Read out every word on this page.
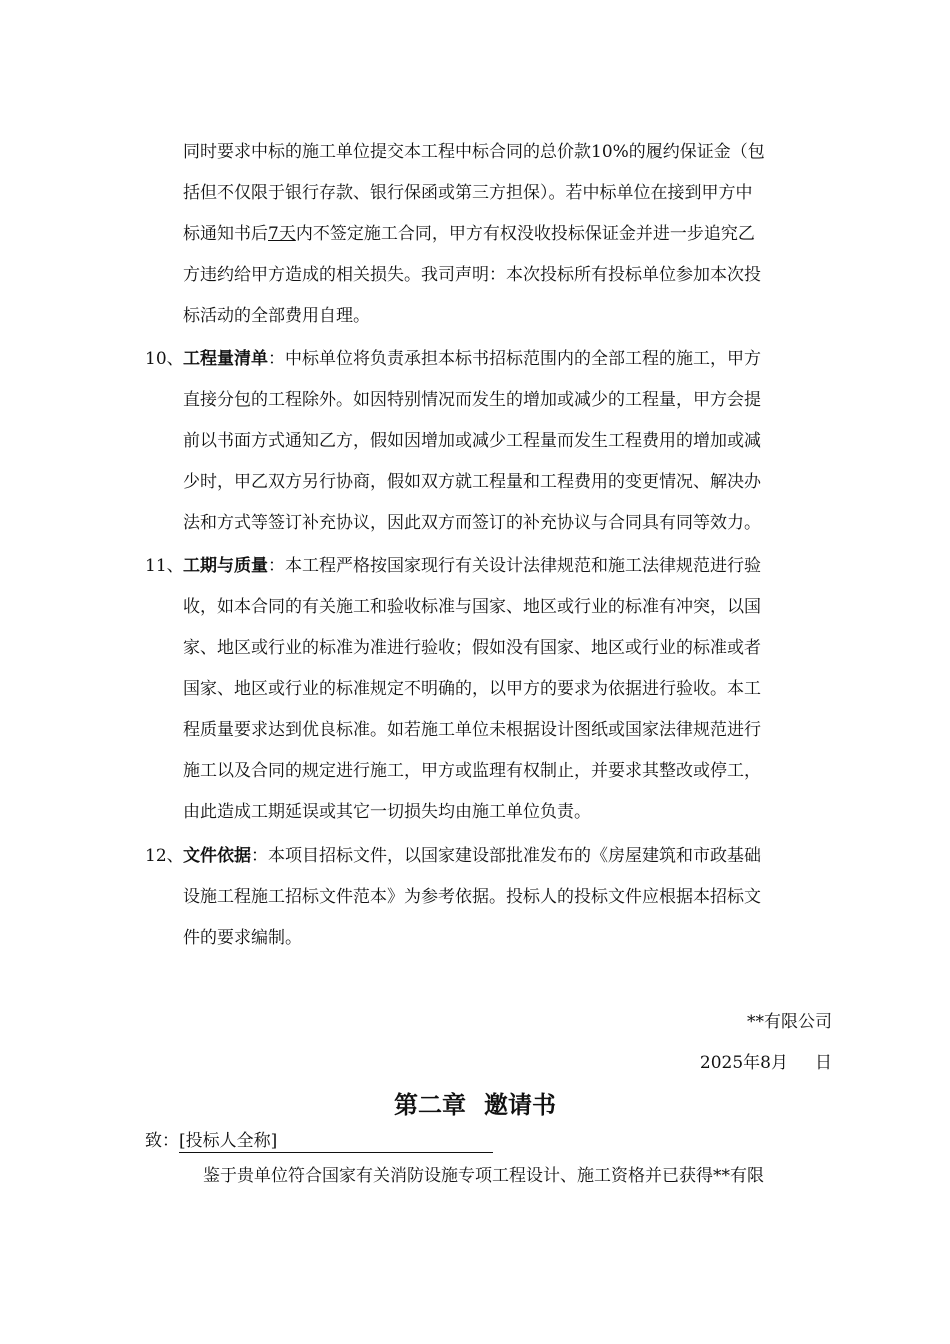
同时要求中标的施工单位提交本工程中标合同的总价款10%的履约保证金（包
括但不仅限于银行存款、银行保函或第三方担保）。若中标单位在接到甲方中
标通知书后7天内不签定施工合同，甲方有权没收投标保证金并进一步追究乙
方违约给甲方造成的相关损失。我司声明：本次投标所有投标单位参加本次投
标活动的全部费用自理。
10、 工程量清单：中标单位将负责承担本标书招标范围内的全部工程的施工，甲方
直接分包的工程除外。如因特别情况而发生的增加或减少的工程量，甲方会提
前以书面方式通知乙方，假如因增加或减少工程量而发生工程费用的增加或减
少时，甲乙双方另行协商，假如双方就工程量和工程费用的变更情况、解决办
法和方式等签订补充协议，因此双方而签订的补充协议与合同具有同等效力。
11、 工期与质量：本工程严格按国家现行有关设计法律规范和施工法律规范进行验
收，如本合同的有关施工和验收标准与国家、地区或行业的标准有冲突，以国
家、地区或行业的标准为准进行验收；假如没有国家、地区或行业的标准或者
国家、地区或行业的标准规定不明确的，以甲方的要求为依据进行验收。本工
程质量要求达到优良标准。如若施工单位未根据设计图纸或国家法律规范进行
施工以及合同的规定进行施工，甲方或监理有权制止，并要求其整改或停工，
由此造成工期延误或其它一切损失均由施工单位负责。
12、 文件依据：本项目招标文件，以国家建设部批准发布的《房屋建筑和市政基础
设施工程施工招标文件范本》为参考依据。投标人的投标文件应根据本招标文
件的要求编制。
**有限公司
2025年8月     日
第二章 邀请书
致：[投标人全称]
鉴于贵单位符合国家有关消防设施专项工程设计、施工资格并已获得**有限
